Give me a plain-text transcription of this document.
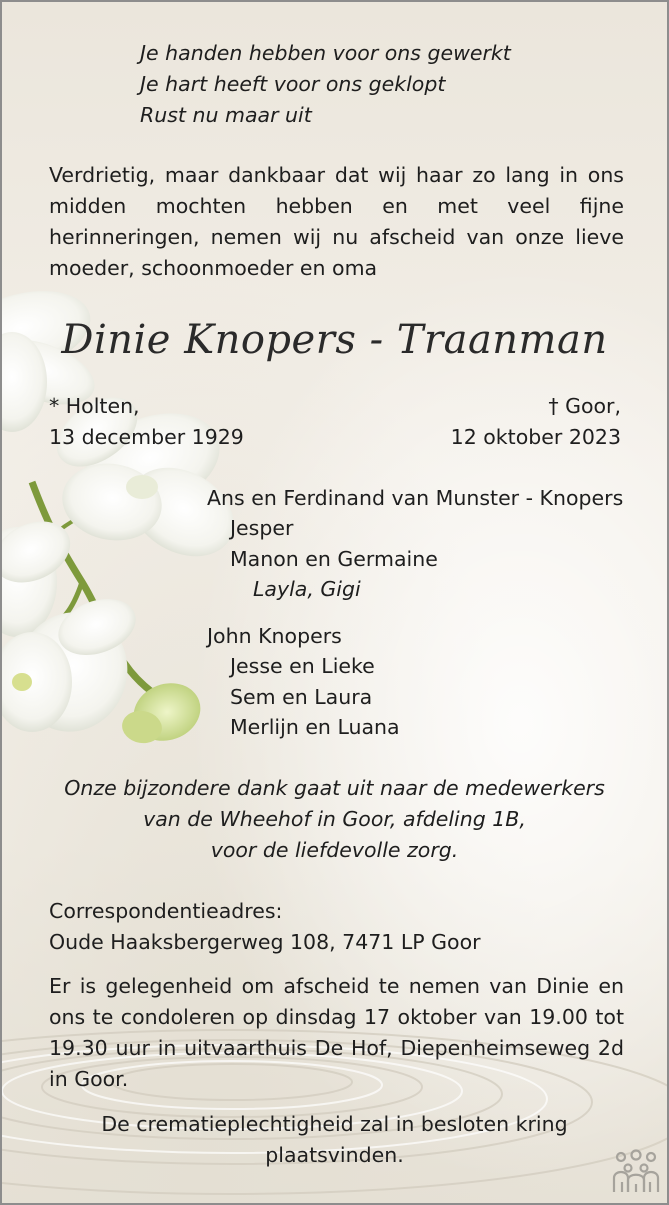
Je handen hebben voor ons gewerkt
Je hart heeft voor ons geklopt
Rust nu maar uit
Verdrietig, maar dankbaar dat wij haar zo lang in ons
midden mochten hebben en met veel fijne
herinneringen, nemen wij nu afscheid van onze lieve
moeder, schoonmoeder en oma
Dinie Knopers - Traanman
* Holten,
13 december 1929
† Goor,
12 oktober 2023
Ans en Ferdinand van Munster - Knopers
Jesper
Manon en Germaine
Layla, Gigi
John Knopers
Jesse en Lieke
Sem en Laura
Merlijn en Luana
Onze bijzondere dank gaat uit naar de medewerkers
van de Wheehof in Goor, afdeling 1B,
voor de liefdevolle zorg.
Correspondentieadres:
Oude Haaksbergerweg 108, 7471 LP Goor
Er is gelegenheid om afscheid te nemen van Dinie en
ons te condoleren op dinsdag 17 oktober van 19.00 tot
19.30 uur in uitvaarthuis De Hof, Diepenheimseweg 2d
in Goor.
De crematieplechtigheid zal in besloten kring
plaatsvinden.
